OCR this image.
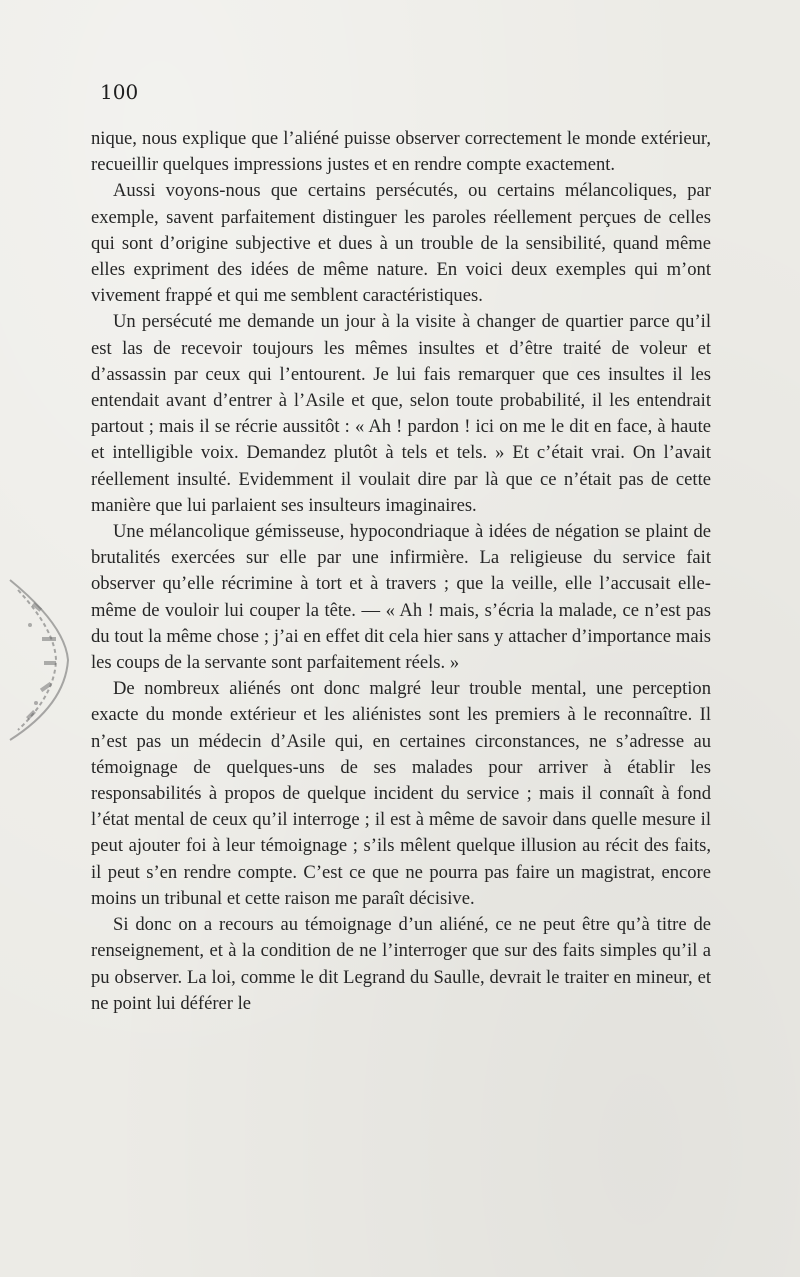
100

nique, nous explique que l’aliéné puisse observer correctement le monde extérieur, recueillir quelques impressions justes et en rendre compte exactement.

Aussi voyons-nous que certains persécutés, ou certains mélancoliques, par exemple, savent parfaitement distinguer les paroles réellement perçues de celles qui sont d’origine subjective et dues à un trouble de la sensibilité, quand même elles expriment des idées de même nature. En voici deux exemples qui m’ont vivement frappé et qui me semblent caractéristiques.

Un persécuté me demande un jour à la visite à changer de quartier parce qu’il est las de recevoir toujours les mêmes insultes et d’être traité de voleur et d’assassin par ceux qui l’entourent. Je lui fais remarquer que ces insultes il les entendait avant d’entrer à l’Asile et que, selon toute probabilité, il les entendrait partout ; mais il se récrie aussitôt : « Ah ! pardon ! ici on me le dit en face, à haute et intelligible voix. Demandez plutôt à tels et tels. » Et c’était vrai. On l’avait réellement insulté. Evidemment il voulait dire par là que ce n’était pas de cette manière que lui parlaient ses insulteurs imaginaires.

Une mélancolique gémisseuse, hypocondriaque à idées de négation se plaint de brutalités exercées sur elle par une infirmière. La religieuse du service fait observer qu’elle récrimine à tort et à travers ; que la veille, elle l’accusait elle-même de vouloir lui couper la tête. — « Ah ! mais, s’écria la malade, ce n’est pas du tout la même chose ; j’ai en effet dit cela hier sans y attacher d’importance mais les coups de la servante sont parfaitement réels. »

De nombreux aliénés ont donc malgré leur trouble mental, une perception exacte du monde extérieur et les aliénistes sont les premiers à le reconnaître. Il n’est pas un médecin d’Asile qui, en certaines circonstances, ne s’adresse au témoignage de quelques-uns de ses malades pour arriver à établir les responsabilités à propos de quelque incident du service ; mais il connaît à fond l’état mental de ceux qu’il interroge ; il est à même de savoir dans quelle mesure il peut ajouter foi à leur témoignage ; s’ils mêlent quelque illusion au récit des faits, il peut s’en rendre compte. C’est ce que ne pourra pas faire un magistrat, encore moins un tribunal et cette raison me paraît décisive.

Si donc on a recours au témoignage d’un aliéné, ce ne peut être qu’à titre de renseignement, et à la condition de ne l’interroger que sur des faits simples qu’il a pu observer. La loi, comme le dit Legrand du Saulle, devrait le traiter en mineur, et ne point lui déférer le
